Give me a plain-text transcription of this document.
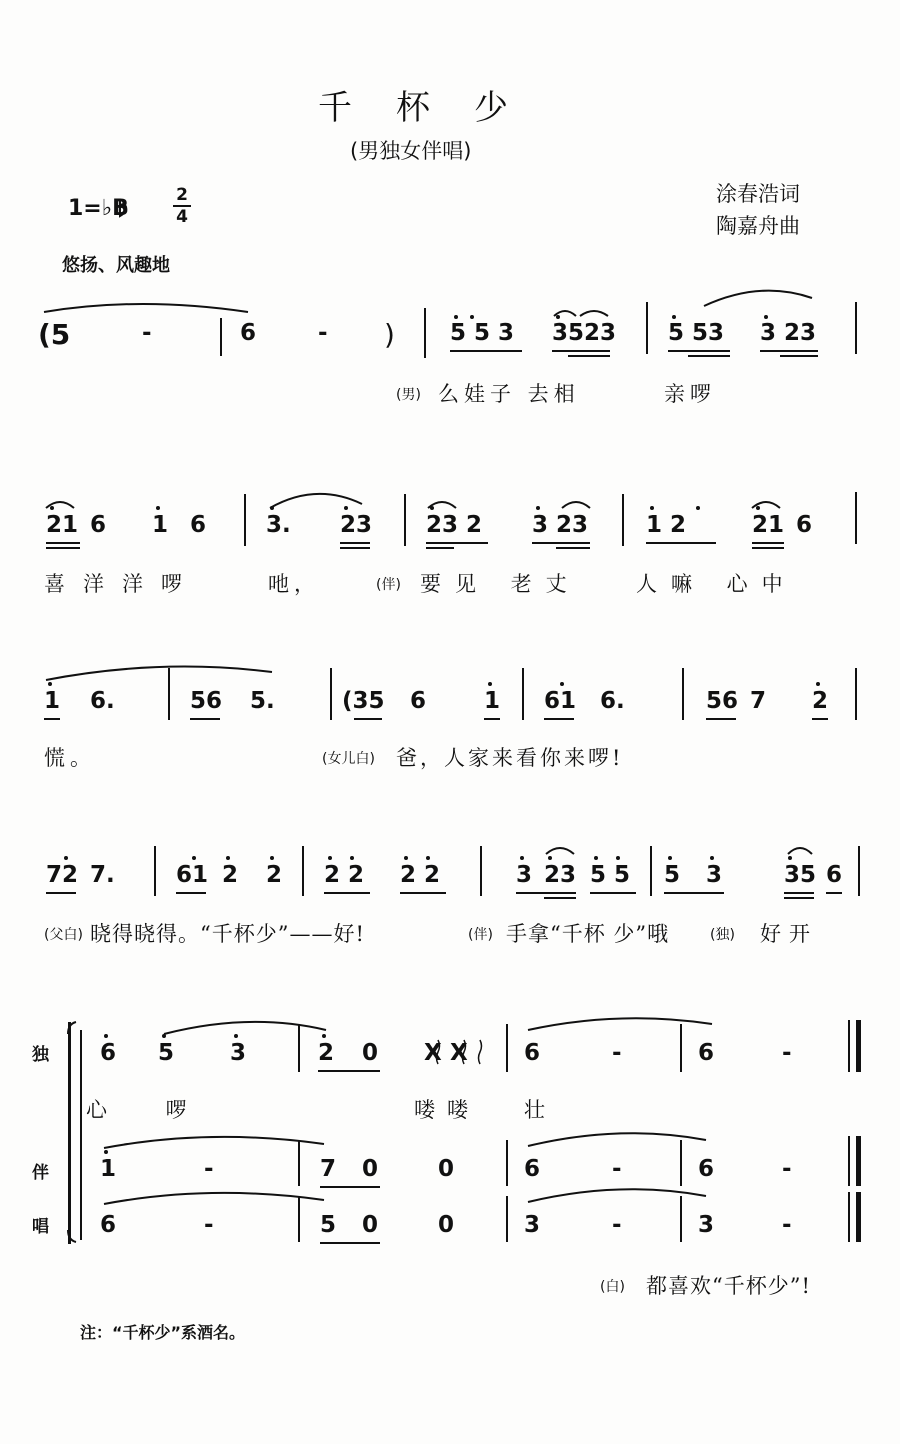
千杯少
(男独女伴唱)
涂春浩词
陶嘉舟曲
1=♭B
2
4
悠扬、风趣地
(5	-	6	- ) 5 5 3 3523 5 53 3 23
(男) 么娃子 去相	亲啰
21 6 1 6	3. 23 23 2 3 23	1 2	21 6
喜洋洋啰	吔，	(伴) 要见 老丈	人嘛 心中
1 6.	56 5.	(35 6	1 61 6.	56 7 2
慌。	(女儿白) 爸，人家来看你来啰!
72 7.	61 2 2 2 2 2 2	3 23 5 5 5 3	35 6
(父白) 晓得晓得。“千杯少”——好!	(伴) 手拿“千杯 少”哦	(独) 好开
独
伴
唱
6 5 3	2 0 X X 6	-	6	-
心 啰	喽喽 壮
1	-	7 0	0	6	-	6	-
6	-	5 0	0	3	-	3	-
(白) 都喜欢“千杯少”!
注：“千杯少”系酒名。
